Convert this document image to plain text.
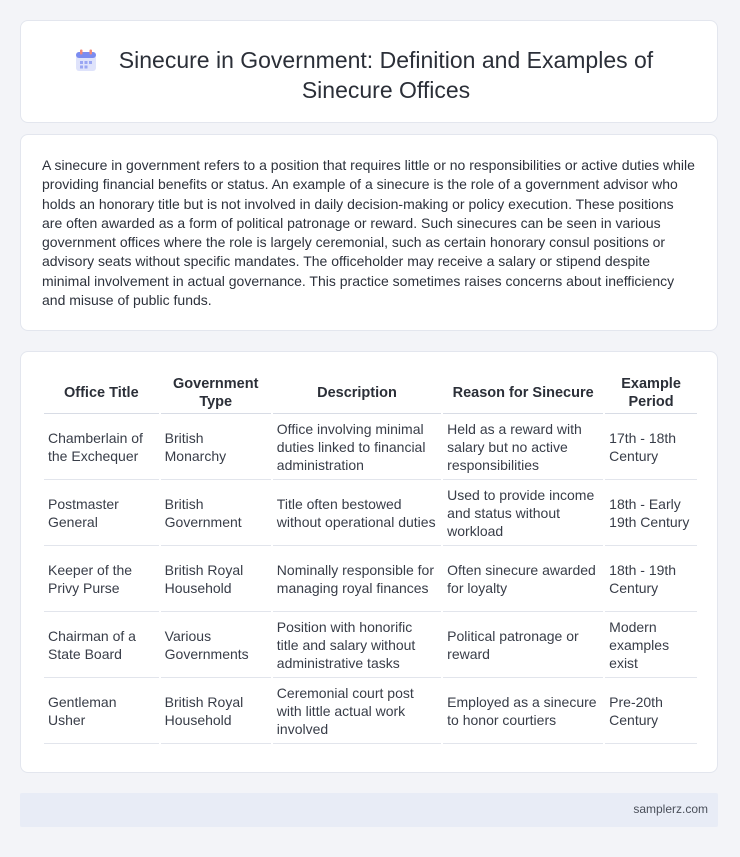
Sinecure in Government: Definition and Examples of Sinecure Offices

A sinecure in government refers to a position that requires little or no responsibilities or active duties while providing financial benefits or status. An example of a sinecure is the role of a government advisor who holds an honorary title but is not involved in daily decision-making or policy execution. These positions are often awarded as a form of political patronage or reward. Such sinecures can be seen in various government offices where the role is largely ceremonial, such as certain honorary consul positions or advisory seats without specific mandates. The officeholder may receive a salary or stipend despite minimal involvement in actual governance. This practice sometimes raises concerns about inefficiency and misuse of public funds.

Office Title	Government Type	Description	Reason for Sinecure	Example Period
Chamberlain of the Exchequer	British Monarchy	Office involving minimal duties linked to financial administration	Held as a reward with salary but no active responsibilities	17th - 18th Century
Postmaster General	British Government	Title often bestowed without operational duties	Used to provide income and status without workload	18th - Early 19th Century
Keeper of the Privy Purse	British Royal Household	Nominally responsible for managing royal finances	Often sinecure awarded for loyalty	18th - 19th Century
Chairman of a State Board	Various Governments	Position with honorific title and salary without administrative tasks	Political patronage or reward	Modern examples exist
Gentleman Usher	British Royal Household	Ceremonial court post with little actual work involved	Employed as a sinecure to honor courtiers	Pre-20th Century
samplerz.com
